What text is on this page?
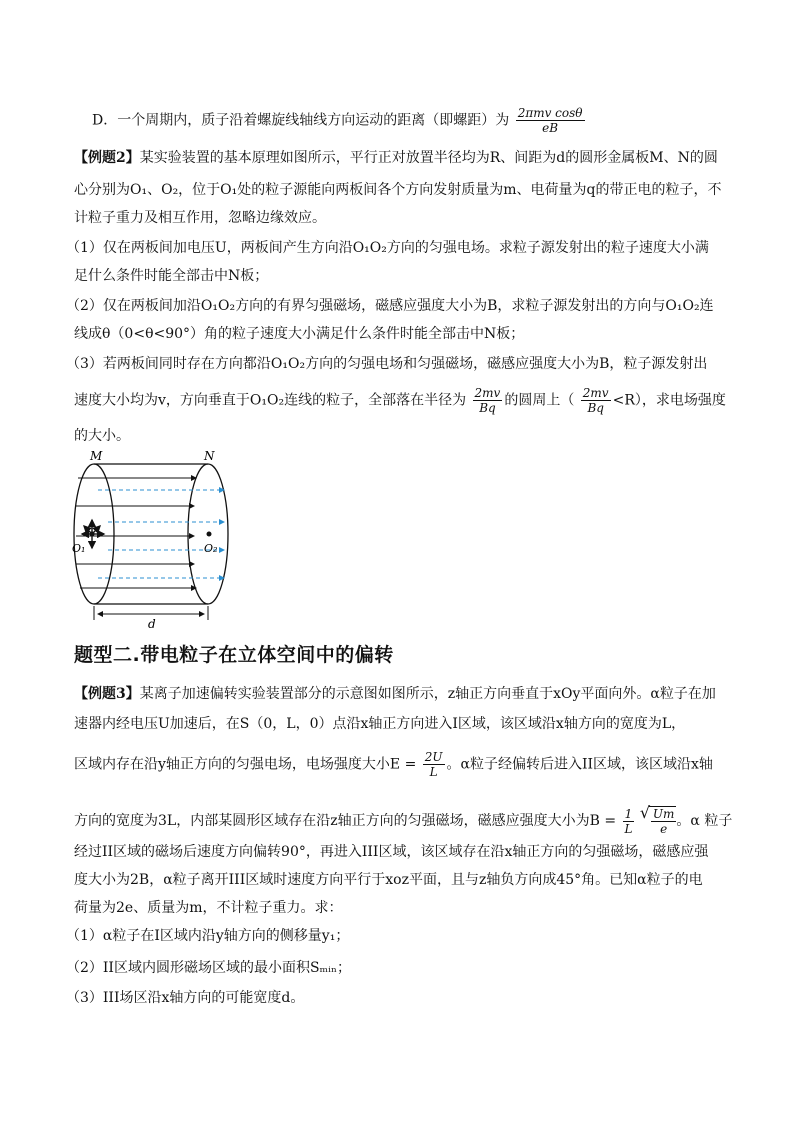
D．一个周期内，质子沿着螺旋线轴线方向运动的距离（即螺距）为 $\frac{\text{2πmv cosθ}}{eB}$
【例题2】某实验装置的基本原理如图所示，平行正对放置半径均为R、间距为d的圆形金属板M、N的圆
心分别为O₁、O₂，位于O₁处的粒子源能向两板间各个方向发射质量为m、电荷量为q的带正电的粒子，不
计粒子重力及相互作用，忽略边缘效应。
（1）仅在两板间加电压U，两板间产生方向沿O₁O₂方向的匀强电场。求粒子源发射出的粒子速度大小满
足什么条件时能全部击中N板；
（2）仅在两板间加沿O₁O₂方向的有界匀强磁场，磁感应强度大小为B，求粒子源发射出的方向与O₁O₂连
线成θ（0<θ<90°）角的粒子速度大小满足什么条件时能全部击中N板；
（3）若两板间同时存在方向都沿O₁O₂方向的匀强电场和匀强磁场，磁感应强度大小为B，粒子源发射出
速度大小均为v，方向垂直于O₁O₂连线的粒子，全部落在半径为 $\frac{2mv}{Bq}$ 的圆周上（ $\frac{2mv}{Bq} <R$），求电场强度
的大小。
M	N
O₁	O₂
d
题型二.带电粒子在立体空间中的偏转
【例题3】某离子加速偏转实验装置部分的示意图如图所示，z轴正方向垂直于xOy平面向外。α粒子在加
速器内经电压U加速后，在S（0，L，0）点沿x轴正方向进入I区域，该区域沿x轴方向的宽度为L，
区域内存在沿y轴正方向的匀强电场，电场强度大小$E = \frac{2U}{L}$ 。α粒子经偏转后进入II区域，该区域沿x轴
方向的宽度为3L，内部某圆形区域存在沿z轴正方向的匀强磁场，磁感应强度大小为$B = \frac{1}{L}$

√ $\frac{Um}{e}$ 。α 粒子
经过II区域的磁场后速度方向偏转90°，再进入III区域，该区域存在沿x轴正方向的匀强磁场，磁感应强
度大小为2B，α粒子离开III区域时速度方向平行于xoz平面，且与z轴负方向成45°角。已知α粒子的电
荷量为2e、质量为m，不计粒子重力。求：
（1）α粒子在I区域内沿y轴方向的侧移量y₁；
（2）II区域内圆形磁场区域的最小面积Sₘᵢₙ；
（3）III场区沿x轴方向的可能宽度d。
